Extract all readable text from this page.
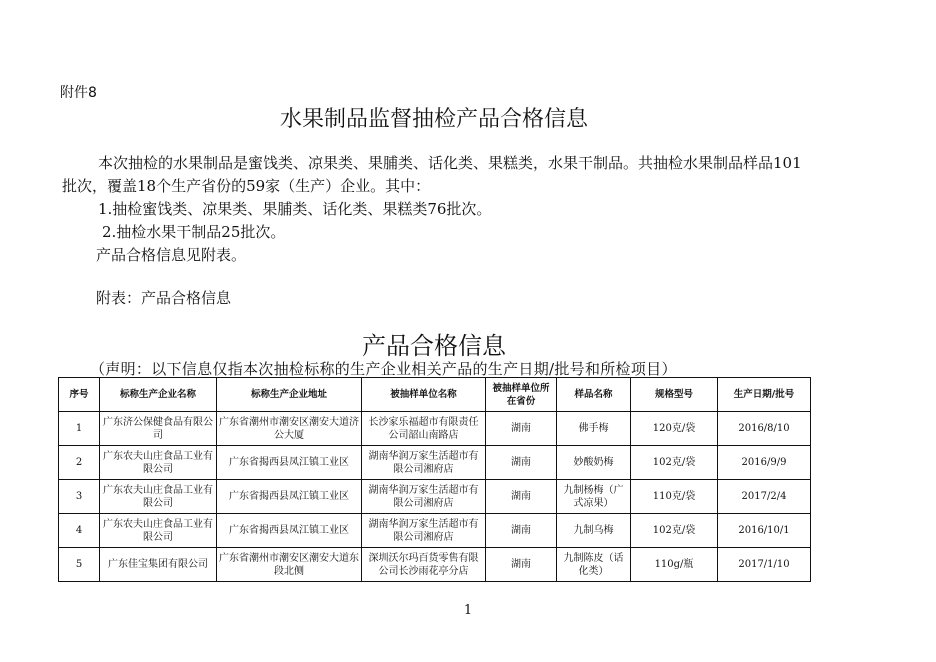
附件8
水果制品监督抽检产品合格信息

本次抽检的水果制品是蜜饯类、凉果类、果脯类、话化类、果糕类，水果干制品。共抽检水果制品样品101批次，覆盖18个生产省份的59家（生产）企业。其中：

1.抽检蜜饯类、凉果类、果脯类、话化类、果糕类76批次。

2.抽检水果干制品25批次。

产品合格信息见附表。

附表：产品合格信息

产品合格信息
（声明：以下信息仅指本次抽检标称的生产企业相关产品的生产日期/批号和所检项目）
序号	标称生产企业名称	标称生产企业地址	被抽样单位名称	被抽样单位所在省份	样品名称	规格型号	生产日期/批号
1	广东济公保健食品有限公司	广东省潮州市潮安区潮安大道济公大厦	长沙家乐福超市有限责任公司韶山南路店	湖南	佛手梅	120克/袋	2016/8/10
2	广东农夫山庄食品工业有限公司	广东省揭西县凤江镇工业区	湖南华润万家生活超市有限公司湘府店	湖南	妙酸奶梅	102克/袋	2016/9/9
3	广东农夫山庄食品工业有限公司	广东省揭西县凤江镇工业区	湖南华润万家生活超市有限公司湘府店	湖南	九制杨梅（广式凉果）	110克/袋	2017/2/4
4	广东农夫山庄食品工业有限公司	广东省揭西县凤江镇工业区	湖南华润万家生活超市有限公司湘府店	湖南	九制乌梅	102克/袋	2016/10/1
5	广东佳宝集团有限公司	广东省潮州市潮安区潮安大道东段北侧	深圳沃尔玛百货零售有限公司长沙雨花亭分店	湖南	九制陈皮（话化类）	110g/瓶	2017/1/10
1
